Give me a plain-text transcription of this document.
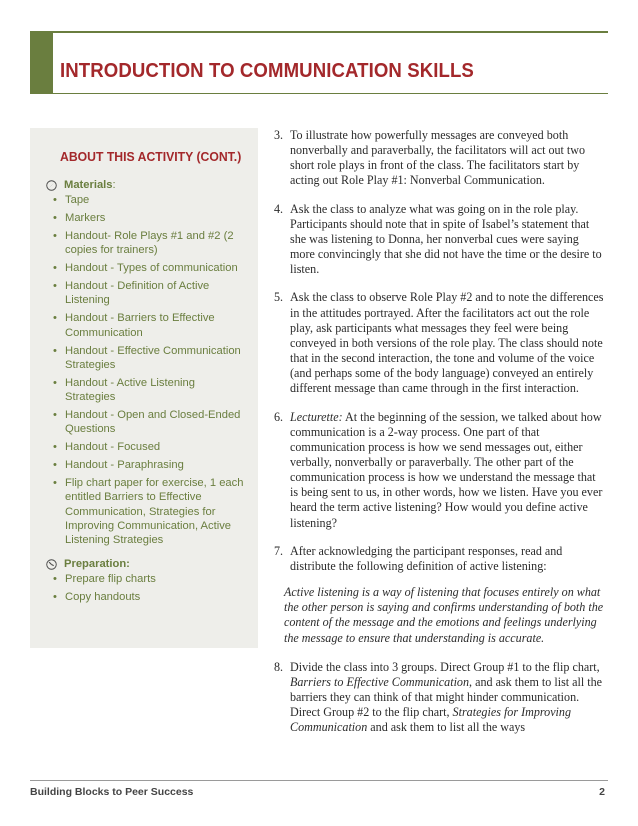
INTRODUCTION TO COMMUNICATION SKILLS
ABOUT THIS ACTIVITY (CONT.)
Materials :
• Tape
• Markers
• Handout- Role Plays #1 and #2 (2 copies for trainers)
• Handout - Types of communication
• Handout - Definition of Active Listening
• Handout - Barriers to Effective Communication
• Handout - Effective Communication Strategies
• Handout - Active Listening Strategies
• Handout - Open and Closed-Ended Questions
• Handout - Focused
• Handout - Paraphrasing
• Flip chart paper for exercise, 1 each entitled Barriers to Effective Communication, Strategies for Improving Communication, Active Listening Strategies
Preparation:
• Prepare flip charts
• Copy handouts
3. To illustrate how powerfully messages are conveyed both nonverbally and paraverbally, the facilitators will act out two short role plays in front of the class. The facilitators start by acting out Role Play #1: Nonverbal Communication.
4. Ask the class to analyze what was going on in the role play. Participants should note that in spite of Isabel’s statement that she was listening to Donna, her nonverbal cues were saying more convincingly that she did not have the time or the desire to listen.
5. Ask the class to observe Role Play #2 and to note the differences in the attitudes portrayed. After the facilitators act out the role play, ask participants what messages they feel were being conveyed in both versions of the role play. The class should note that in the second interaction, the tone and volume of the voice (and perhaps some of the body language) conveyed an entirely different message than came through in the first interaction.
6. Lecturette: At the beginning of the session, we talked about how communication is a 2-way process. One part of that communication process is how we send messages out, either verbally, nonverbally or paraverbally. The other part of the communication process is how we understand the message that is being sent to us, in other words, how we listen. Have you ever heard the term active listening? How would you define active listening?
7. After acknowledging the participant responses, read and distribute the following definition of active listening:
Active listening is a way of listening that focuses entirely on what the other person is saying and confirms understanding of both the content of the message and the emotions and feelings underlying the message to ensure that understanding is accurate.
8. Divide the class into 3 groups. Direct Group #1 to the flip chart, Barriers to Effective Communication, and ask them to list all the barriers they can think of that might hinder communication. Direct Group #2 to the flip chart, Strategies for Improving Communication and ask them to list all the ways
Building Blocks to Peer Success	2
